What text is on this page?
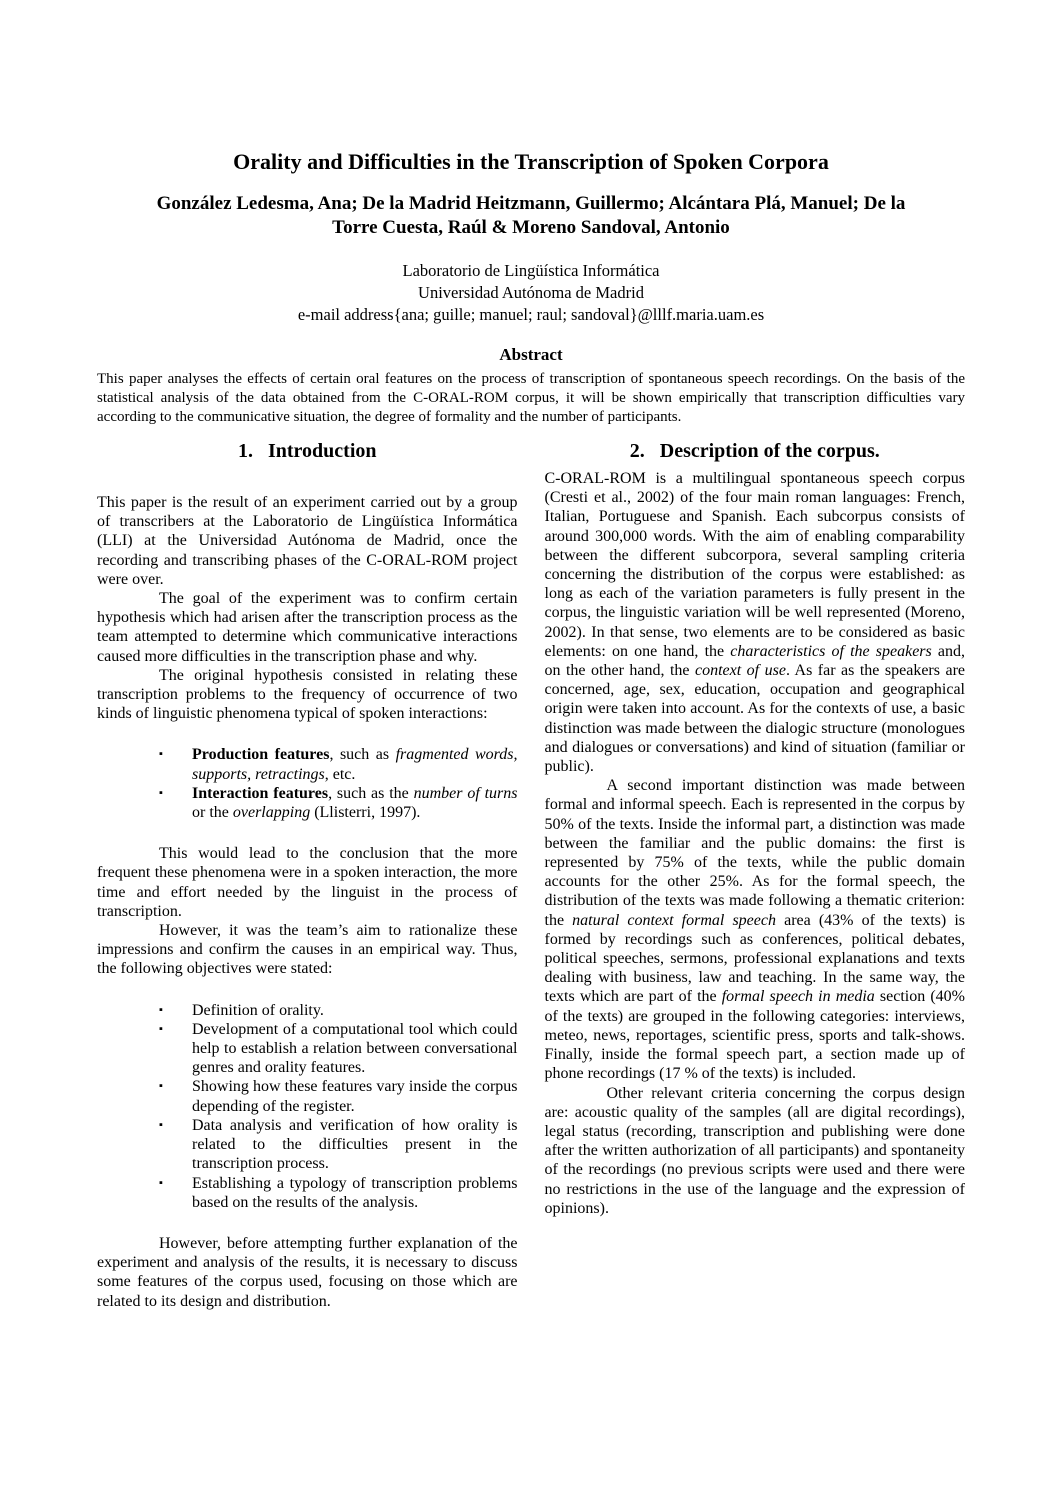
Orality and Difficulties in the Transcription of Spoken Corpora
González Ledesma, Ana; De la Madrid Heitzmann, Guillermo; Alcántara Plá, Manuel; De la
Torre Cuesta, Raúl & Moreno Sandoval, Antonio
Laboratorio de Lingüística Informática
Universidad Autónoma de Madrid
e-mail address{ana; guille; manuel; raul; sandoval}@lllf.maria.uam.es
Abstract

This paper analyses the effects of certain oral features on the process of transcription of spontaneous speech recordings. On the basis of the statistical analysis of the data obtained from the C-ORAL-ROM corpus, it will be shown empirically that transcription difficulties vary according to the communicative situation, the degree of formality and the number of participants.

1.   Introduction

This paper is the result of an experiment carried out by a group of transcribers at the Laboratorio de Lingüística Informática (LLI) at the Universidad Autónoma de Madrid, once the recording and transcribing phases of the C-ORAL-ROM project were over.

The goal of the experiment was to confirm certain hypothesis which had arisen after the transcription process as the team attempted to determine which communicative interactions caused more difficulties in the transcription phase and why.

The original hypothesis consisted in relating these transcription problems to the frequency of occurrence of two kinds of linguistic phenomena typical of spoken interactions:

▪	Production features, such as fragmented words, supports, retractings, etc.
▪	Interaction features, such as the number of turns or the overlapping (Llisterri, 1997).

This would lead to the conclusion that the more frequent these phenomena were in a spoken interaction, the more time and effort needed by the linguist in the process of transcription.

However, it was the team’s aim to rationalize these impressions and confirm the causes in an empirical way. Thus, the following objectives were stated:

▪	Definition of orality.
▪	Development of a computational tool which could help to establish a relation between conversational genres and orality features.
▪	Showing how these features vary inside the corpus depending of the register.
▪	Data analysis and verification of how orality is related to the difficulties present in the transcription process.
▪	Establishing a typology of transcription problems based on the results of the analysis.

However, before attempting further explanation of the experiment and analysis of the results, it is necessary to discuss some features of the corpus used, focusing on those which are related to its design and distribution.

2.   Description of the corpus.

C-ORAL-ROM is a multilingual spontaneous speech corpus (Cresti et al., 2002) of the four main roman languages: French, Italian, Portuguese and Spanish. Each subcorpus consists of around 300,000 words. With the aim of enabling comparability between the different subcorpora, several sampling criteria concerning the distribution of the corpus were established: as long as each of the variation parameters is fully present in the corpus, the linguistic variation will be well represented (Moreno, 2002). In that sense, two elements are to be considered as basic elements: on one hand, the characteristics of the speakers and, on the other hand, the context of use. As far as the speakers are concerned, age, sex, education, occupation and geographical origin were taken into account. As for the contexts of use, a basic distinction was made between the dialogic structure (monologues and dialogues or conversations) and kind of situation (familiar or public).

A second important distinction was made between formal and informal speech. Each is represented in the corpus by 50% of the texts. Inside the informal part, a distinction was made between the familiar and the public domains: the first is represented by 75% of the texts, while the public domain accounts for the other 25%. As for the formal speech, the distribution of the texts was made following a thematic criterion: the natural context formal speech area (43% of the texts) is formed by recordings such as conferences, political debates, political speeches, sermons, professional explanations and texts dealing with business, law and teaching. In the same way, the texts which are part of the formal speech in media section (40% of the texts) are grouped in the following categories: interviews, meteo, news, reportages, scientific press, sports and talk-shows. Finally, inside the formal speech part, a section made up of phone recordings (17 % of the texts) is included.

Other relevant criteria concerning the corpus design are: acoustic quality of the samples (all are digital recordings), legal status (recording, transcription and publishing were done after the written authorization of all participants) and spontaneity of the recordings (no previous scripts were used and there were no restrictions in the use of the language and the expression of opinions).
